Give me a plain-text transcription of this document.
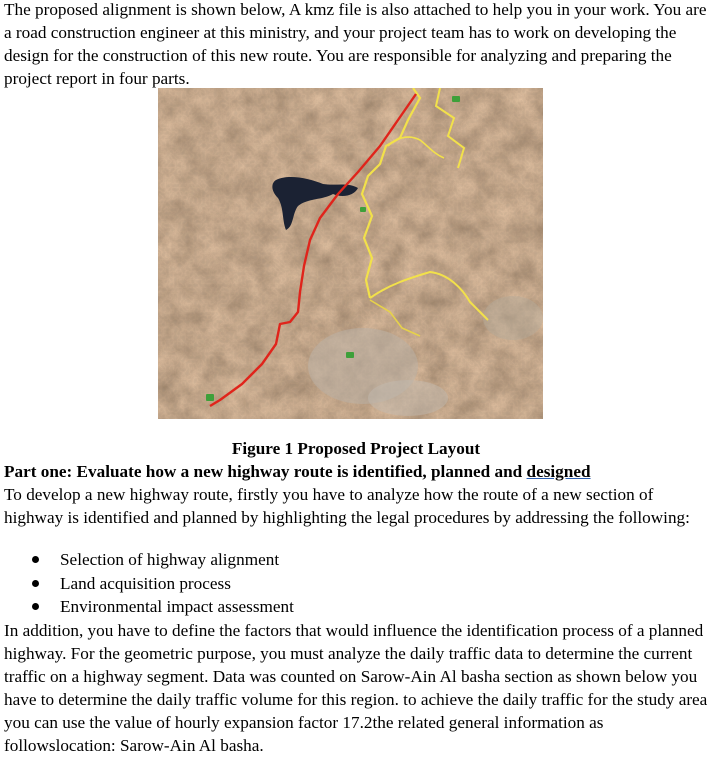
The proposed alignment is shown below, A kmz file is also attached to help you in your work. You are a road construction engineer at this ministry, and your project team has to work on developing the design for the construction of this new route. You are responsible for analyzing and preparing the project report in four parts.

Figure 1 Proposed Project Layout

Part one: Evaluate how a new highway route is identified, planned and designed

To develop a new highway route, firstly you have to analyze how the route of a new section of highway is identified and planned by highlighting the legal procedures by addressing the following:

Selection of highway alignment
Land acquisition process
Environmental impact assessment

In addition, you have to define the factors that would influence the identification process of a planned highway. For the geometric purpose, you must analyze the daily traffic data to determine the current traffic on a highway segment. Data was counted on Sarow-Ain Al basha section as shown below you have to determine the daily traffic volume for this region. to achieve the daily traffic for the study area you can use the value of hourly expansion factor 17.2the related general information as followslocation: Sarow-Ain Al basha.
